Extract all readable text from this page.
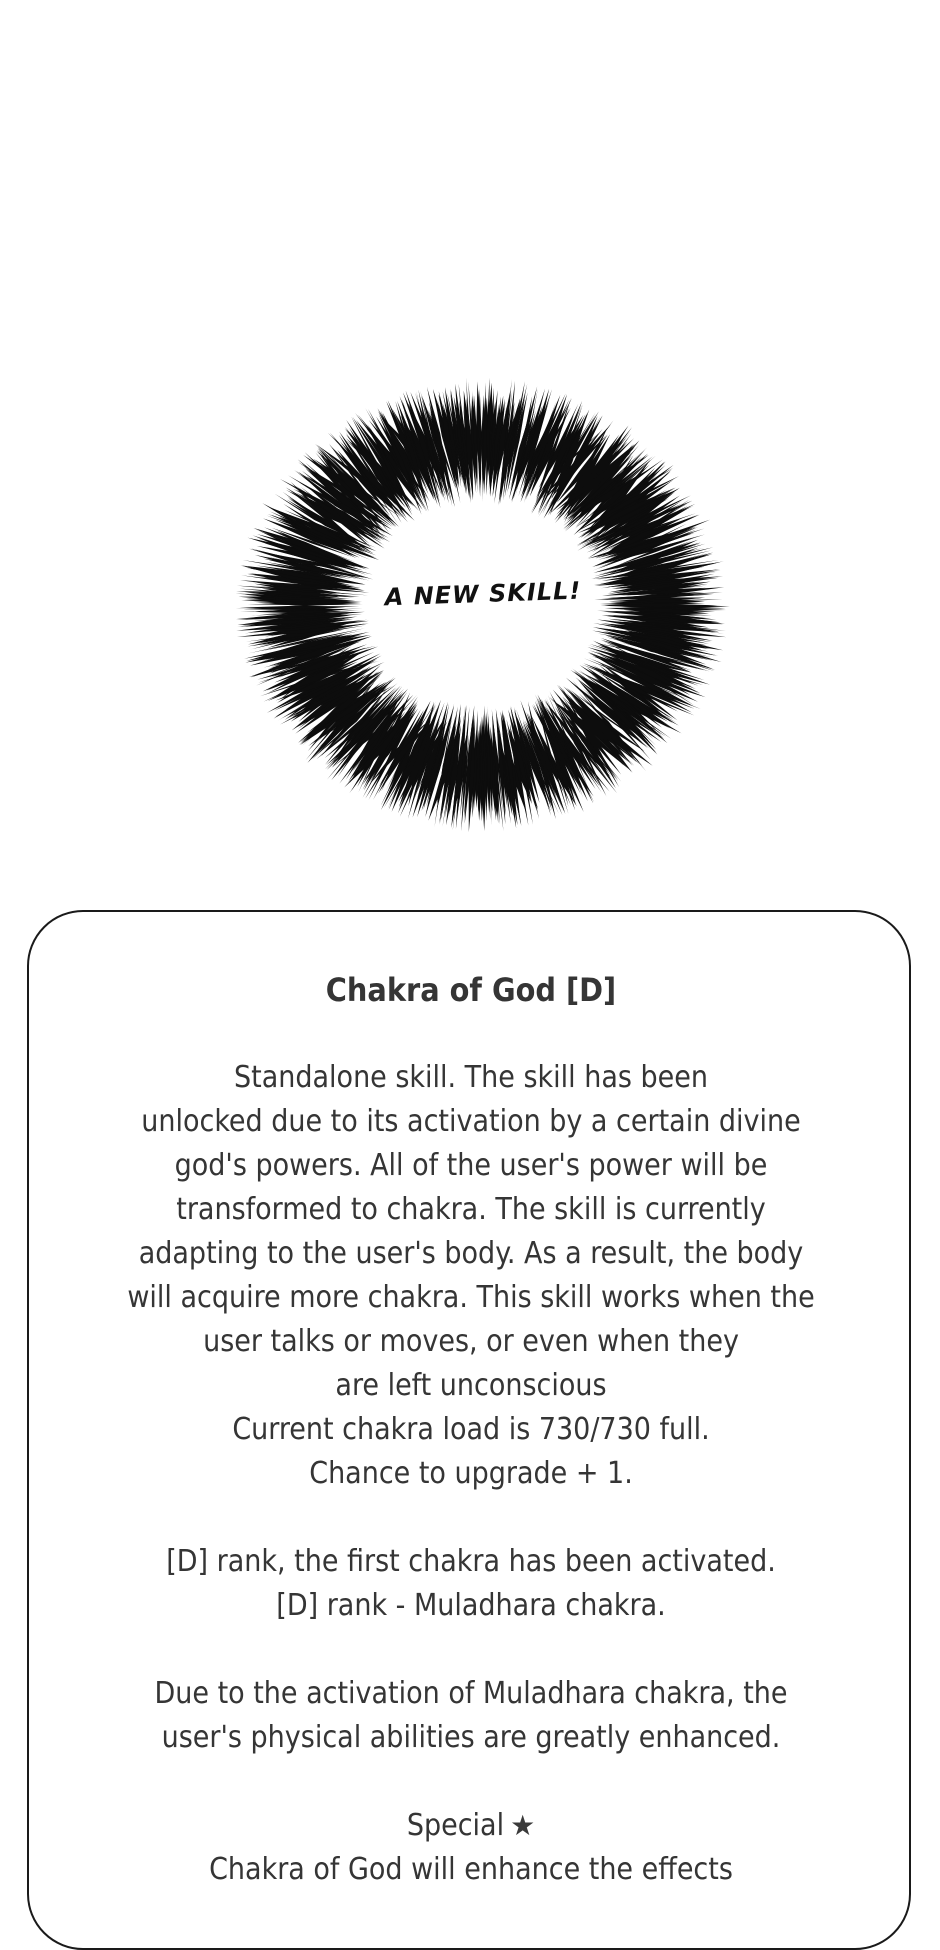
A NEW SKILL!
Chakra of God [D]
Standalone skill. The skill has been
unlocked due to its activation by a certain divine
god's powers. All of the user's power will be
transformed to chakra. The skill is currently
adapting to the user's body. As a result, the body
will acquire more chakra. This skill works when the
user talks or moves, or even when they
are left unconscious
Current chakra load is 730/730 full.
Chance to upgrade + 1.
[D] rank, the first chakra has been activated.
[D] rank - Muladhara chakra.
Due to the activation of Muladhara chakra, the
user's physical abilities are greatly enhanced.
Special ★
Chakra of God will enhance the effects
